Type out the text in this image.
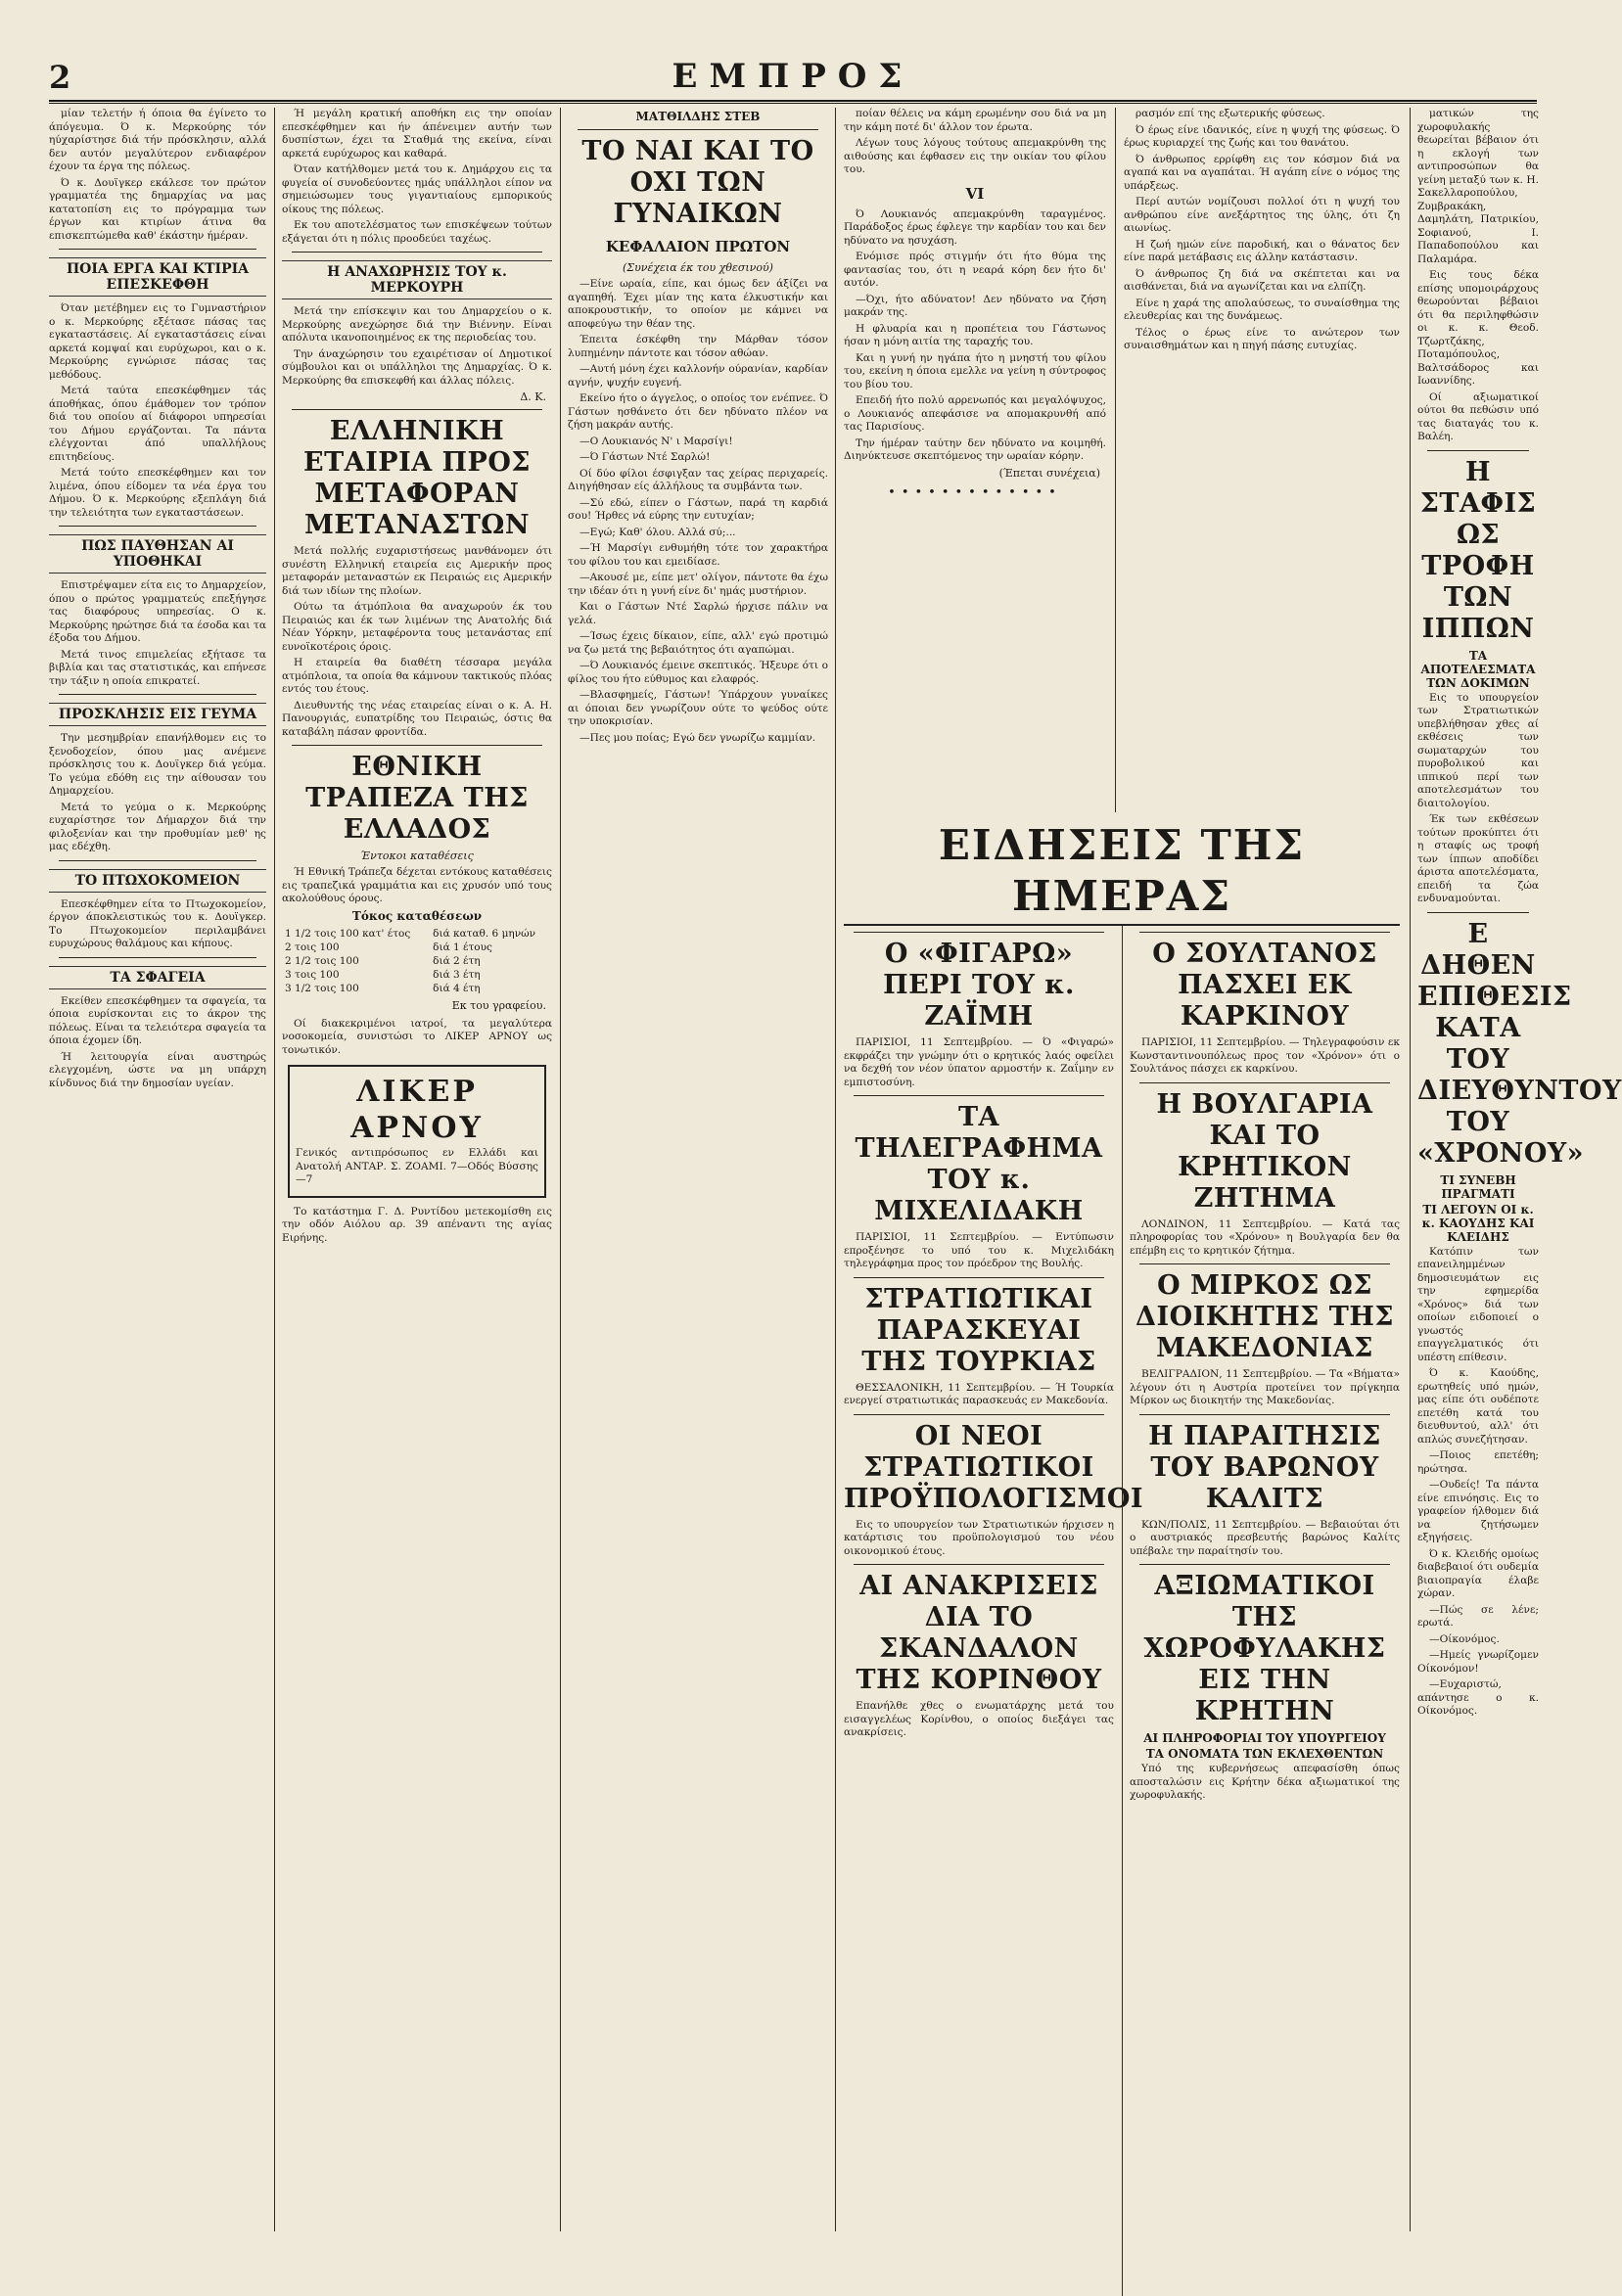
2	ΕΜΠΡΟΣ
μίαν τελετήν ή όποια θα έγίνετο το άπόγευμα. Ό κ. Μερκούρης τόν ηύχαρίστησε διά τήν πρόσκλησιν, αλλά δεν αυτόν μεγαλύτερον ενδιαφέρον έχουν τα έργα της πόλεως.
Ό κ. Δουϊγκερ εκάλεσε τον πρώτον γραμματέα της δημαρχίας να μας κατατοπίση εις το πρόγραμμα των έργων και κτιρίων άτινα θα επισκεπτώμεθα καθ' έκάστην ήμέραν.
ΠΟΙΑ ΕΡΓΑ ΚΑΙ ΚΤΙΡΙΑ ΕΠΕΣΚΕΦΘΗ
Όταν μετέβημεν εις το Γυμναστήριον ο κ. Μερκούρης εξέτασε πάσας τας εγκαταστάσεις. Αί εγκαταστάσεις είναι αρκετά κομψαί και ευρύχωροι, και ο κ. Μερκούρης εγνώρισε πάσας τας μεθόδους.
Μετά ταύτα επεσκέφθημεν τάς άποθήκας, όπου έμάθομεν τον τρόπον διά του οποίου αί διάφοροι υπηρεσίαι του Δήμου εργάζονται. Τα πάντα ελέγχονται άπό υπαλλήλους επιτηδείους.
Μετά τούτο επεσκέφθημεν και τον λιμένα, όπου είδομεν τα νέα έργα του Δήμου. Ό κ. Μερκούρης εξεπλάγη διά την τελειότητα των εγκαταστάσεων.
ΠΩΣ ΠΑΥΘΗΣΑΝ ΑΙ ΥΠΟΘΗΚΑΙ
Επιστρέψαμεν είτα εις το Δημαρχείον, όπου ο πρώτος γραμματεύς επεξήγησε τας διαφόρους υπηρεσίας. Ο κ. Μερκούρης ηρώτησε διά τα έσοδα και τα έξοδα του Δήμου.
Μετά τινος επιμελείας εξήτασε τα βιβλία και τας στατιστικάς, και επήνεσε την τάξιν η οποία επικρατεί.
ΠΡΟΣΚΛΗΣΙΣ ΕΙΣ ΓΕΥΜΑ
Την μεσημβρίαν επανήλθομεν εις το ξενοδοχείον, όπου μας ανέμενε πρόσκλησις του κ. Δουϊγκερ διά γεύμα. Το γεύμα εδόθη εις την αίθουσαν του Δημαρχείου.
Μετά το γεύμα ο κ. Μερκούρης ευχαρίστησε τον Δήμαρχον διά την φιλοξενίαν και την προθυμίαν μεθ' ης μας εδέχθη.
ΤΟ ΠΤΩΧΟΚΟΜΕΙΟΝ
Επεσκέφθημεν είτα το Πτωχοκομείον, έργον άποκλειστικώς του κ. Δουϊγκερ. Το Πτωχοκομείον περιλαμβάνει ευρυχώρους θαλάμους και κήπους.
ΤΑ ΣΦΑΓΕΙΑ
Εκείθεν επεσκέφθημεν τα σφαγεία, τα όποια ευρίσκονται εις το άκρον της πόλεως. Είναι τα τελειότερα σφαγεία τα όποια έχομεν ίδη.
Ή λειτουργία είναι αυστηρώς ελεγχομένη, ώστε να μη υπάρχη κίνδυνος διά την δημοσίαν υγείαν.
Ή μεγάλη κρατική αποθήκη εις την οποίαν επεσκέφθημεν και ήν άπένειμεν αυτήν των δυσπίστων, έχει τα Σταθμά της εκείνα, είναι αρκετά ευρύχωρος και καθαρά.
Όταν κατήλθομεν μετά του κ. Δημάρχου εις τα φυγεία οί συνοδεύοντες ημάς υπάλληλοι είπον να σημειώσωμεν τους γιγαντιαίους εμπορικούς οίκους της πόλεως.
Εκ του αποτελέσματος των επισκέψεων τούτων εξάγεται ότι η πόλις προοδεύει ταχέως.
Η ΑΝΑΧΩΡΗΣΙΣ ΤΟΥ κ. ΜΕΡΚΟΥΡΗ
Μετά την επίσκεψιν και του Δημαρχείου ο κ. Μερκούρης ανεχώρησε διά την Βιέννην. Είναι απόλυτα ικανοποιημένος εκ της περιοδείας του.
Την άναχώρησιν του εχαιρέτισαν οί Δημοτικοί σύμβουλοι και οι υπάλληλοι της Δημαρχίας. Ό κ. Μερκούρης θα επισκεφθή και άλλας πόλεις.
Δ. Κ.
ΕΛΛΗΝΙΚΗ ΕΤΑΙΡΙΑ ΠΡΟΣ ΜΕΤΑΦΟΡΑΝ ΜΕΤΑΝΑΣΤΩΝ
Μετά πολλής ευχαριστήσεως μανθάνομεν ότι συνέστη Ελληνική εταιρεία εις Αμερικήν προς μεταφοράν μεταναστών εκ Πειραιώς εις Αμερικήν διά των ιδίων της πλοίων.
Ούτω τα άτμόπλοια θα αναχωρούν έκ του Πειραιώς και έκ των λιμένων της Ανατολής διά Νέαν Υόρκην, μεταφέροντα τους μετανάστας επί ευνοϊκοτέροις όροις.
Η εταιρεία θα διαθέτη τέσσαρα μεγάλα ατμόπλοια, τα οποία θα κάμνουν τακτικούς πλόας εντός του έτους.
Διευθυντής της νέας εταιρείας είναι ο κ. Α. Η. Πανουργιάς, ευπατρίδης του Πειραιώς, όστις θα καταβάλη πάσαν φροντίδα.
ΕΘΝΙΚΗ ΤΡΑΠΕΖΑ ΤΗΣ ΕΛΛΑΔΟΣ
Έντοκοι καταθέσεις
Ή Εθνική Τράπεζα δέχεται εντόκους καταθέσεις εις τραπεζικά γραμμάτια και εις χρυσόν υπό τους ακολούθους όρους.
Τόκος καταθέσεων
1 1/2 τοις 100 κατ' έτος	διά καταθ. 6 μηνών
2 τοις 100	διά 1 έτους
2 1/2 τοις 100	διά 2 έτη
3 τοις 100	διά 3 έτη
3 1/2 τοις 100	διά 4 έτη
Εκ του γραφείου.
Οί διακεκριμένοι ιατροί, τα μεγαλύτερα νοσοκομεία, συνιστώσι το ΛΙΚΕΡ ΑΡΝΟΥ ως τονωτικόν.
ΛΙΚΕΡ
ΑΡΝΟΥ
Γενικός αντιπρόσωπος εν Ελλάδι και Ανατολή ΑΝΤΑΡ. Σ. ΖΟΑΜΙ. 7—Οδός Βύσσης—7
Το κατάστημα Γ. Δ. Ρυντίδου μετεκομίσθη εις την οδόν Αιόλου αρ. 39 απέναντι της αγίας Ειρήνης.
ΜΑΤΘΙΛΔΗΣ ΣΤΕΒ
ΤΟ ΝΑΙ ΚΑΙ ΤΟ ΟΧΙ ΤΩΝ ΓΥΝΑΙΚΩΝ
ΚΕΦΑΛΑΙΟΝ ΠΡΩΤΟΝ
(Συνέχεια έκ του χθεσινού)
—Είνε ωραία, είπε, και όμως δεν άξίζει να αγαπηθή. Έχει μίαν της κατα έλκυστικήν και αποκρουστικήν, το οποίον με κάμνει να αποφεύγω την θέαν της.
Έπειτα έσκέφθη την Μάρθαν τόσον λυπημένην πάντοτε και τόσον αθώαν.
—Αυτή μόνη έχει καλλονήν ούρανίαν, καρδίαν αγνήν, ψυχήν ευγενή.
Εκείνο ήτο ο άγγελος, ο οποίος τον ενέπνεε. Ό Γάστων ησθάνετο ότι δεν ηδύνατο πλέον να ζήση μακράν αυτής.
—Ο Λουκιανός Ν' ι Μαρσίγι!
—Ό Γάστων Ντέ Σαρλώ!
Οί δύο φίλοι έσφιγξαν τας χείρας περιχαρείς. Διηγήθησαν είς άλλήλους τα συμβάντα των.
—Σύ εδώ, είπεν ο Γάστων, παρά τη καρδιά σου! Ήρθες νά εύρης την ευτυχίαν;
—Εγώ; Καθ' όλου. Αλλά σύ;...
—Ή Μαρσίγι ενθυμήθη τότε τον χαρακτήρα του φίλου του και εμειδίασε.
—Ακουσέ με, είπε μετ' ολίγον, πάντοτε θα έχω την ιδέαν ότι η γυνή είνε δι' ημάς μυστήριον.
Και ο Γάστων Ντέ Σαρλώ ήρχισε πάλιν να γελά.
—Ίσως έχεις δίκαιον, είπε, αλλ' εγώ προτιμώ να ζω μετά της βεβαιότητος ότι αγαπώμαι.
—Ό Λουκιανός έμεινε σκεπτικός. Ήξευρε ότι ο φίλος του ήτο εύθυμος και ελαφρός.
—Βλασφημείς, Γάστων! Ύπάρχουν γυναίκες αι όποιαι δεν γνωρίζουν ούτε το ψεύδος ούτε την υποκρισίαν.
—Πες μου ποίας; Εγώ δεν γνωρίζω καμμίαν.
ποίαν θέλεις να κάμη ερωμένην σου διά να μη την κάμη ποτέ δι' άλλον τον έρωτα.
Λέγων τους λόγους τούτους απεμακρύνθη της αιθούσης και έφθασεν εις την οικίαν του φίλου του.
VI
Ό Λουκιανός απεμακρύνθη ταραγμένος. Παράδοξος έρως έφλεγε την καρδίαν του και δεν ηδύνατο να ησυχάση.
Ενόμισε πρός στιγμήν ότι ήτο θύμα της φαντασίας του, ότι η νεαρά κόρη δεν ήτο δι' αυτόν.
—Όχι, ήτο αδύνατον! Δεν ηδύνατο να ζήση μακράν της.
Η φλυαρία και η προπέτεια του Γάστωνος ήσαν η μόνη αιτία της ταραχής του.
Και η γυνή ην ηγάπα ήτο η μνηστή του φίλου του, εκείνη η όποια εμελλε να γείνη η σύντροφος του βίου του.
Επειδή ήτο πολύ αρρενωπός και μεγαλόψυχος, ο Λουκιανός απεφάσισε να απομακρυνθή από τας Παρισίους.
Την ήμέραν ταύτην δεν ηδύνατο να κοιμηθή. Διηνύκτευσε σκεπτόμενος την ωραίαν κόρην.
(Έπεται συνέχεια)
•••••••••••••
ρασμόν επί της εξωτερικής φύσεως.
Ό έρως είνε ιδανικός, είνε η ψυχή της φύσεως. Ό έρως κυριαρχεί της ζωής και του θανάτου.
Ό άνθρωπος ερρίφθη εις τον κόσμον διά να αγαπά και να αγαπάται. Ή αγάπη είνε ο νόμος της υπάρξεως.
Περί αυτών νομίζουσι πολλοί ότι η ψυχή του ανθρώπου είνε ανεξάρτητος της ύλης, ότι ζη αιωνίως.
Η ζωή ημών είνε παροδική, και ο θάνατος δεν είνε παρά μετάβασις εις άλλην κατάστασιν.
Ό άνθρωπος ζη διά να σκέπτεται και να αισθάνεται, διά να αγωνίζεται και να ελπίζη.
Είνε η χαρά της απολαύσεως, το συναίσθημα της ελευθερίας και της δυνάμεως.
Τέλος ο έρως είνε το ανώτερον των συναισθημάτων και η πηγή πάσης ευτυχίας.
ματικών της χωροφυλακής θεωρείται βέβαιον ότι η εκλογή των αντιπροσώπων θα γείνη μεταξύ των κ. Η. Σακελλαροπούλου, Ζυμβρακάκη, Δαμηλάτη, Πατρικίου, Σοφιανού, Ι. Παπαδοπούλου και Παλαμάρα.
Εις τους δέκα επίσης υπομοιράρχους θεωρούνται βέβαιοι ότι θα περιληφθώσιν οι κ. κ. Θεοδ. Τζωρτζάκης, Ποταμόπουλος, Βαλτσάδορος και Ιωαννίδης.
Οί αξιωματικοί ούτοι θα πεθώσιν υπό τας διαταγάς του κ. Βαλέη.
Η ΣΤΑΦΙΣ ΩΣ ΤΡΟΦΗ ΤΩΝ ΙΠΠΩΝ
ΤΑ ΑΠΟΤΕΛΕΣΜΑΤΑ ΤΩΝ ΔΟΚΙΜΩΝ
Εις το υπουργείον των Στρατιωτικών υπεβλήθησαν χθες αί εκθέσεις των σωματαρχών του πυροβολικού και ιππικού περί των αποτελεσμάτων του διαιτολογίου.
Έκ των εκθέσεων τούτων προκύπτει ότι η σταφίς ως τροφή των ίππων αποδίδει άριστα αποτελέσματα, επειδή τα ζώα ενδυναμούνται.
Ε ΔΗΘΕΝ ΕΠΙΘΕΣΙΣ ΚΑΤΑ ΤΟΥ ΔΙΕΥΘΥΝΤΟΥ ΤΟΥ «ΧΡΟΝΟΥ»
ΤΙ ΣΥΝΕΒΗ ΠΡΑΓΜΑΤΙ
ΤΙ ΛΕΓΟΥΝ ΟΙ κ. κ. ΚΑΟΥΔΗΣ ΚΑΙ ΚΛΕΙΔΗΣ
Κατόπιν των επανειλημμένων δημοσιευμάτων εις την εφημερίδα «Χρόνος» διά των οποίων ειδοποιεί ο γνωστός επαγγελματικός ότι υπέστη επίθεσιν.
Ό κ. Καούδης, ερωτηθείς υπό ημών, μας είπε ότι ουδέποτε επετέθη κατά του διευθυντού, αλλ' ότι απλώς συνεζήτησαν.
—Ποιος επετέθη; ηρώτησα.
—Ουδείς! Τα πάντα είνε επινόησις. Εις το γραφείον ήλθομεν διά να ζητήσωμεν εξηγήσεις.
Ό κ. Κλειδής ομοίως διαβεβαιοί ότι ουδεμία βιαιοπραγία έλαβε χώραν.
—Πώς σε λένε; ερωτά.
—Οίκονόμος.
—Ημείς γνωρίζομεν Οίκονόμον!
—Ευχαριστώ, απάντησε ο κ. Οίκονόμος.
ΕΙΔΗΣΕΙΣ ΤΗΣ ΗΜΕΡΑΣ
Ο «ΦΙΓΑΡΩ» ΠΕΡΙ ΤΟΥ κ. ΖΑΪΜΗ
ΠΑΡΙΣΙΟΙ, 11 Σεπτεμβρίου. — Ό «Φιγαρώ» εκφράζει την γνώμην ότι ο κρητικός λαός οφείλει να δεχθή τον νέον ύπατον αρμοστήν κ. Ζαΐμην εν εμπιστοσύνη.
ΤΑ ΤΗΛΕΓΡΑΦΗΜΑ ΤΟΥ κ. ΜΙΧΕΛΙΔΑΚΗ
ΠΑΡΙΣΙΟΙ, 11 Σεπτεμβρίου. — Εντύπωσιν επροξένησε το υπό του κ. Μιχελιδάκη τηλεγράφημα προς τον πρόεδρον της Βουλής.
ΣΤΡΑΤΙΩΤΙΚΑΙ ΠΑΡΑΣΚΕΥΑΙ ΤΗΣ ΤΟΥΡΚΙΑΣ
ΘΕΣΣΑΛΟΝΙΚΗ, 11 Σεπτεμβρίου. — Ή Τουρκία ενεργεί στρατιωτικάς παρασκευάς εν Μακεδονία.
ΟΙ ΝΕΟΙ ΣΤΡΑΤΙΩΤΙΚΟΙ ΠΡΟΫΠΟΛΟΓΙΣΜΟΙ
Εις το υπουργείον των Στρατιωτικών ήρχισεν η κατάρτισις του προϋπολογισμού του νέου οικονομικού έτους.
ΑΙ ΑΝΑΚΡΙΣΕΙΣ ΔΙΑ ΤΟ ΣΚΑΝΔΑΛΟΝ ΤΗΣ ΚΟΡΙΝΘΟΥ
Επανήλθε χθες ο ενωματάρχης μετά του εισαγγελέως Κορίνθου, ο οποίος διεξάγει τας ανακρίσεις.
Ο ΣΟΥΛΤΑΝΟΣ ΠΑΣΧΕΙ ΕΚ ΚΑΡΚΙΝΟΥ
ΠΑΡΙΣΙΟΙ, 11 Σεπτεμβρίου. — Τηλεγραφούσιν εκ Κωνσταντινουπόλεως προς τον «Χρόνον» ότι ο Σουλτάνος πάσχει εκ καρκίνου.
Η ΒΟΥΛΓΑΡΙΑ ΚΑΙ ΤΟ ΚΡΗΤΙΚΟΝ ΖΗΤΗΜΑ
ΛΟΝΔΙΝΟΝ, 11 Σεπτεμβρίου. — Κατά τας πληροφορίας του «Χρόνου» η Βουλγαρία δεν θα επέμβη εις το κρητικόν ζήτημα.
Ο ΜΙΡΚΟΣ ΩΣ ΔΙΟΙΚΗΤΗΣ ΤΗΣ ΜΑΚΕΔΟΝΙΑΣ
ΒΕΛΙΓΡΑΔΙΟΝ, 11 Σεπτεμβρίου. — Τα «Βήματα» λέγουν ότι η Αυστρία προτείνει τον πρίγκηπα Μίρκον ως διοικητήν της Μακεδονίας.
Η ΠΑΡΑΙΤΗΣΙΣ ΤΟΥ ΒΑΡΩΝΟΥ ΚΑΛΙΤΣ
ΚΩΝ/ΠΟΛΙΣ, 11 Σεπτεμβρίου. — Βεβαιούται ότι ο αυστριακός πρεσβευτής βαρώνος Καλίτς υπέβαλε την παραίτησίν του.
ΑΞΙΩΜΑΤΙΚΟΙ ΤΗΣ ΧΩΡΟΦΥΛΑΚΗΣ ΕΙΣ ΤΗΝ ΚΡΗΤΗΝ
ΑΙ ΠΛΗΡΟΦΟΡΙΑΙ ΤΟΥ ΥΠΟΥΡΓΕΙΟΥ
ΤΑ ΟΝΟΜΑΤΑ ΤΩΝ ΕΚΛΕΧΘΕΝΤΩΝ
Υπό της κυβερνήσεως απεφασίσθη όπως αποσταλώσιν εις Κρήτην δέκα αξιωματικοί της χωροφυλακής.
